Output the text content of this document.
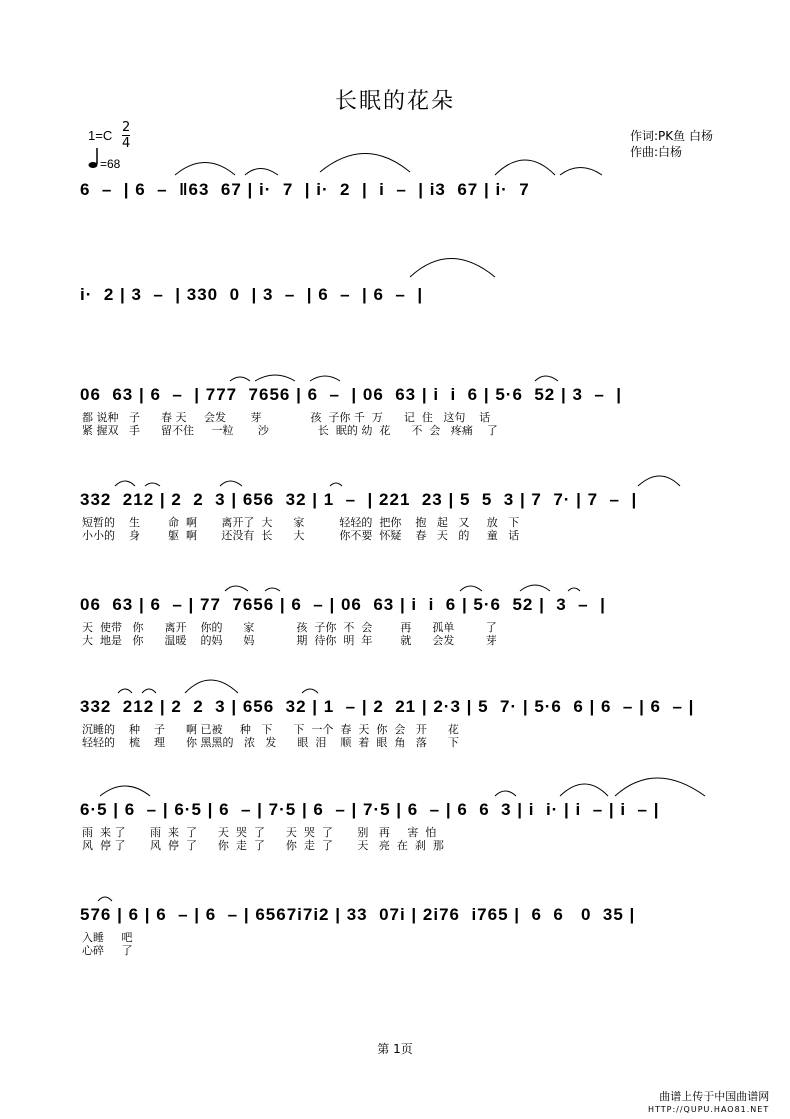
长眠的花朵
1=C
2
4
=68
作词:PK鱼 白杨
作曲:白杨
6  –  | 6  –  ‖63  67 | i·  7  | i·  2  |  i  –  | i3  67 | i·  7
i·  2 | 3  –  | 330  0  | 3  –  | 6  –  | 6  –  |
06  63 | 6  –  | 777  7656 | 6  –  | 06  63 | i  i  6 | 5·6  52 | 3  –  |
都 说种   子      春 天     会发       芽              孩  子你 千  万      记  住   这句    话
紧 握双   手      留不住     一粒       沙              长  眠的 幼  花      不  会   疼痛    了
332  212 | 2  2  3 | 656  32 | 1  –  | 221  23 | 5  5  3 | 7  7· | 7  –  |
短暂的    生        命  啊       离开了  大      家          轻轻的  把你    抱   起   又     放   下
小小的    身        躯  啊       还没有  长      大          你不要  怀疑    春   天   的     童   话
06  63 | 6  – | 77  7656 | 6  – | 06  63 | i  i  6 | 5·6  52 |  3  –  |
天  使带   你      离开    你的      家            孩  子你  不  会        再      孤单         了
大  地是   你      温暖    的妈      妈            期  待你  明  年        就      会发         芽
332  212 | 2  2  3 | 656  32 | 1  – | 2  21 | 2·3 | 5  7· | 5·6  6 | 6  – | 6  – |
沉睡的    种    子      啊 已被     种   下      下  一个  春  天  你  会   开      花
轻轻的    梳    理      你 黑黑的   浓   发      眼  泪    顺  着  眼  角   落      下
6·5 | 6  – | 6·5 | 6  – | 7·5 | 6  – | 7·5 | 6  – | 6  6  3 | i  i· | i  – | i  – |
雨  来 了       雨  来  了      天  哭  了      天  哭  了       别   再     害  怕
风  停 了       风  停  了      你  走  了      你  走  了       天   亮  在  刹  那
576 | 6 | 6  – | 6  – | 6567i7i2 | 33  07i | 2i76  i765 |  6  6   0  35 |
入睡     吧
心碎     了
第 1页
曲谱上传于中国曲谱网
HTTP://QUPU.HAO81.NET
